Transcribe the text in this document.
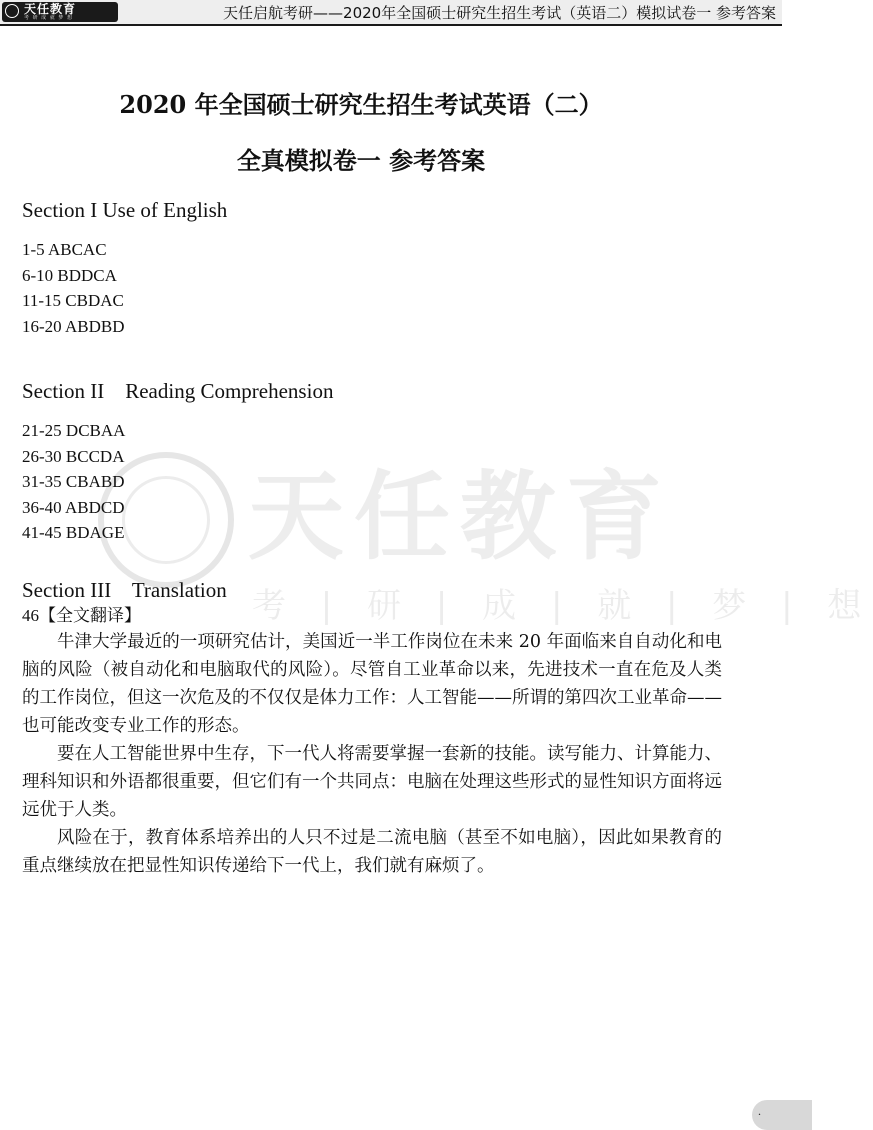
天任教育
考 研 成 就 梦 想	天任启航考研——2020年全国硕士研究生招生考试（英语二）模拟试卷一 参考答案
天任教育
考 | 研 | 成 | 就 | 梦 | 想
2020 年全国硕士研究生招生考试英语（二）
全真模拟卷一 参考答案
Section I Use of English
1-5 ABCAC
6-10 BDDCA
11-15 CBDAC
16-20 ABDBD
Section II    Reading Comprehension
21-25 DCBAA
26-30 BCCDA
31-35 CBABD
36-40 ABDCD
41-45 BDAGE
Section III    Translation
46【全文翻译】

牛津大学最近的一项研究估计，美国近一半工作岗位在未来 20 年面临来自自动化和电脑的风险（被自动化和电脑取代的风险）。尽管自工业革命以来，先进技术一直在危及人类的工作岗位，但这一次危及的不仅仅是体力工作：人工智能——所谓的第四次工业革命——也可能改变专业工作的形态。

要在人工智能世界中生存，下一代人将需要掌握一套新的技能。读写能力、计算能力、理科知识和外语都很重要，但它们有一个共同点：电脑在处理这些形式的显性知识方面将远远优于人类。

风险在于，教育体系培养出的人只不过是二流电脑（甚至不如电脑），因此如果教育的重点继续放在把显性知识传递给下一代上，我们就有麻烦了。

.
